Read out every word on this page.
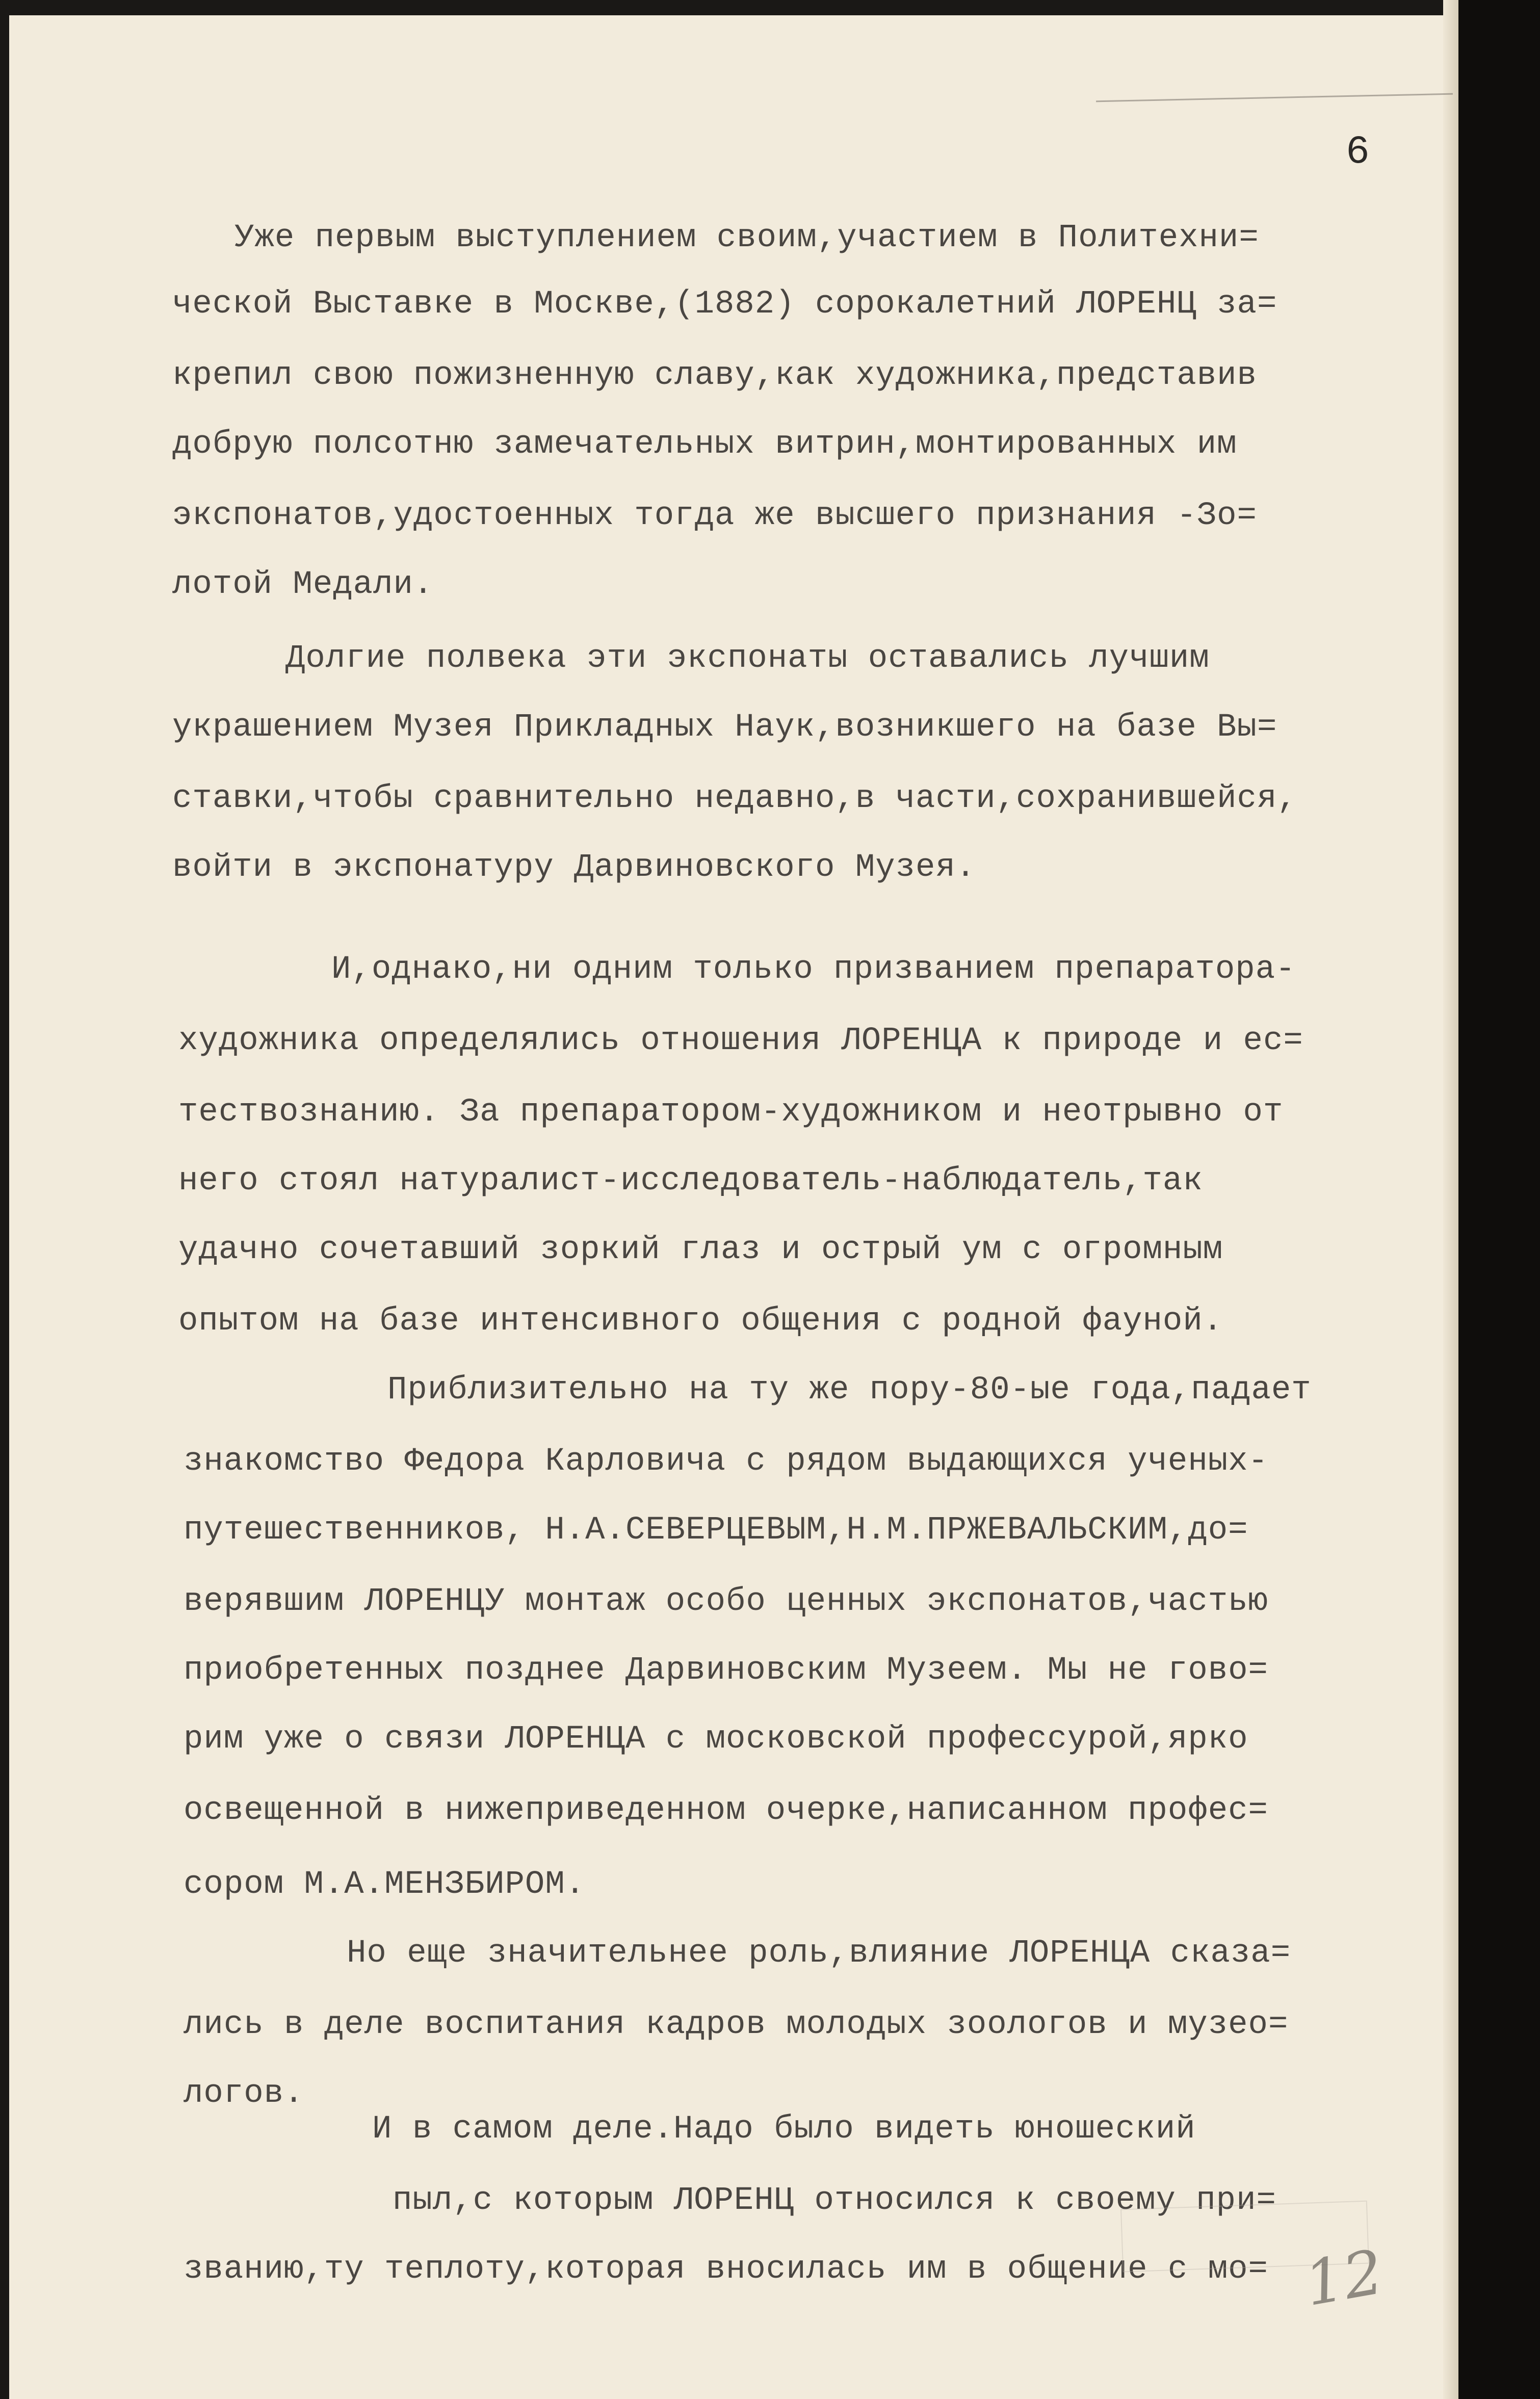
6
Уже первым выступлением своим,участием в Политехни=
ческой Выставке в Москве,(1882) сорокалетний ЛОРЕНЦ за=
крепил свою пожизненную славу,как художника,представив
добрую полсотню замечательных витрин,монтированных им
экспонатов,удостоенных тогда же высшего признания -Зо=
лотой Медали.
Долгие полвека эти экспонаты оставались лучшим
украшением Музея Прикладных Наук,возникшего на базе Вы=
ставки,чтобы сравнительно недавно,в части,сохранившейся,
войти в экспонатуру Дарвиновского Музея.
И,однако,ни одним только призванием препаратора-
художника определялись отношения ЛОРЕНЦА к природе и ес=
тествознанию. За препаратором-художником и неотрывно от
него стоял натуралист-исследователь-наблюдатель,так
удачно сочетавший зоркий глаз и острый ум с огромным
опытом на базе интенсивного общения с родной фауной.
Приблизительно на ту же пору-80-ые года,падает
знакомство Федора Карловича с рядом выдающихся ученых-
путешественников, Н.А.СЕВЕРЦЕВЫМ,Н.М.ПРЖЕВАЛЬСКИМ,до=
верявшим ЛОРЕНЦУ монтаж особо ценных экспонатов,частью
приобретенных позднее Дарвиновским Музеем. Мы не гово=
рим уже о связи ЛОРЕНЦА с московской профессурой,ярко
освещенной в нижеприведенном очерке,написанном профес=
сором М.А.МЕНЗБИРОМ.
Но еще значительнее роль,влияние ЛОРЕНЦА сказа=
лись в деле воспитания кадров молодых зоологов и музео=
логов.
И в самом деле.Надо было видеть юношеский
пыл,с которым ЛОРЕНЦ относился к своему при=
званию,ту теплоту,которая вносилась им в общение с мо= 12
